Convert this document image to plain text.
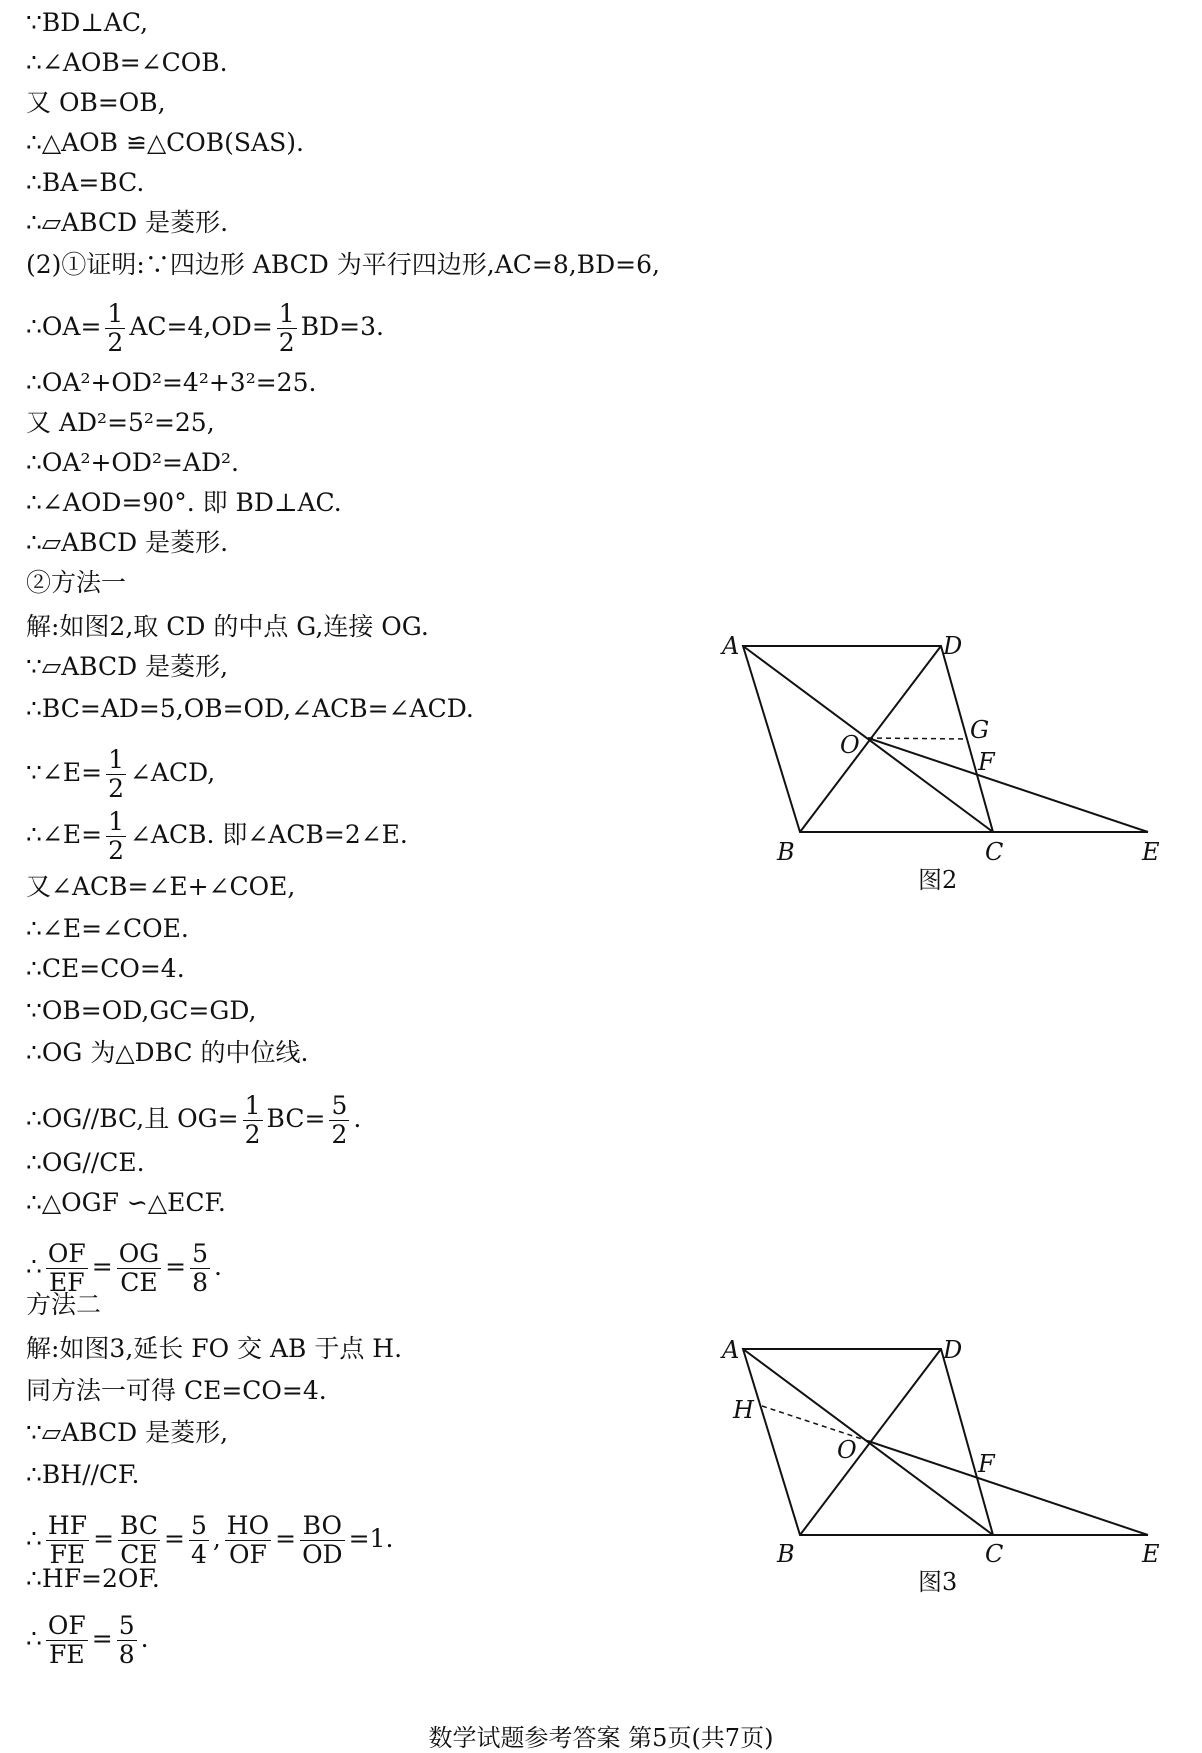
∵BD⊥AC,
∴∠AOB=∠COB.
又 OB=OB,
∴△AOB ≌△COB(SAS).
∴BA=BC.
∴▱ABCD 是菱形.
(2)①证明:∵四边形 ABCD 为平行四边形,AC=8,BD=6,
∴OA= $\frac{1}{2} AC=4,OD= \frac{1}{2} BD=3$.
∴OA²+OD²=4²+3²=25.
又 AD²=5²=25,
∴OA²+OD²=AD².
∴∠AOD=90°. 即 BD⊥AC.
∴▱ABCD 是菱形.
②方法一
解:如图2,取 CD 的中点 G,连接 OG.
∵▱ABCD 是菱形,
∴BC=AD=5,OB=OD,∠ACB=∠ACD.
∵∠E= $\frac{1}{2}$ ∠ACD,
∴∠E= $\frac{1}{2}$ ∠ACB. 即∠ACB=2∠E.
又∠ACB=∠E+∠COE,
∴∠E=∠COE.
∴CE=CO=4.
∵OB=OD,GC=GD,
∴OG 为△DBC 的中位线.
∴OG//BC,且 $OG= \frac{1}{2} BC= \frac{5}{2}$ .
∴OG//CE.
∴△OGF ∽△ECF.
∴ $\frac{OF}{EF} = \frac{OG}{CE} = \frac{5}{8}$ .
方法二
解:如图3,延长 FO 交 AB 于点 H.
同方法一可得 CE=CO=4.
∵▱ABCD 是菱形,
∴BH//CF.
∴ $\frac{HF}{FE} = \frac{BC}{CE} = \frac{5}{4}$ , $\frac{HO}{OF} = \frac{BO}{OD} =1$.
∴HF=2OF.
∴ $\frac{OF}{FE} = \frac{5}{8}$ .
A	D
O
G
F
B	C	E
图2
A	D
H
O	F
B	C	E
图3
数学试题参考答案 第5页(共7页)
